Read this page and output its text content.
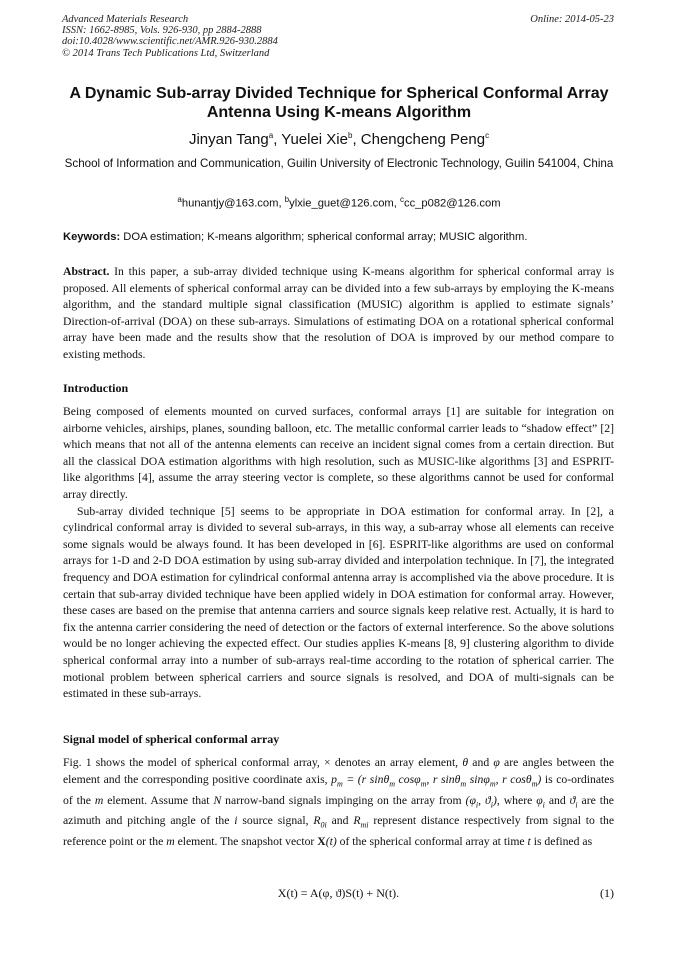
Advanced Materials Research
ISSN: 1662-8985, Vols. 926-930, pp 2884-2888
doi:10.4028/www.scientific.net/AMR.926-930.2884
© 2014 Trans Tech Publications Ltd, Switzerland
Online: 2014-05-23
A Dynamic Sub-array Divided Technique for Spherical Conformal Array Antenna Using K-means Algorithm
Jinyan Tang$^a$, Yuelei Xie$^b$, Chengcheng Peng$^c$
School of Information and Communication, Guilin University of Electronic Technology, Guilin 541004, China
$^a$hunantjy@163.com, $^b$ylxie_guet@126.com, $^c$cc_p082@126.com
Keywords: DOA estimation; K-means algorithm; spherical conformal array; MUSIC algorithm.

Abstract. In this paper, a sub-array divided technique using K-means algorithm for spherical conformal array is proposed. All elements of spherical conformal array can be divided into a few sub-arrays by employing the K-means algorithm, and the standard multiple signal classification (MUSIC) algorithm is applied to estimate signals’ Direction-of-arrival (DOA) on these sub-arrays. Simulations of estimating DOA on a rotational spherical conformal array have been made and the results show that the resolution of DOA is improved by our method compare to existing methods.

Introduction

Being composed of elements mounted on curved surfaces, conformal arrays [1] are suitable for integration on airborne vehicles, airships, planes, sounding balloon, etc. The metallic conformal carrier leads to “shadow effect” [2] which means that not all of the antenna elements can receive an incident signal comes from a certain direction. But all the classical DOA estimation algorithms with high resolution, such as MUSIC-like algorithms [3] and ESPRIT-like algorithms [4], assume the array steering vector is complete, so these algorithms cannot be used for conformal array directly.

Sub-array divided technique [5] seems to be appropriate in DOA estimation for conformal array. In [2], a cylindrical conformal array is divided to several sub-arrays, in this way, a sub-array whose all elements can receive some signals would be always found. It has been developed in [6]. ESPRIT-like algorithms are used on conformal arrays for 1-D and 2-D DOA estimation by using sub-array divided and interpolation technique. In [7], the integrated frequency and DOA estimation for cylindrical conformal antenna array is accomplished via the above procedure. It is certain that sub-array divided technique have been applied widely in DOA estimation for conformal array. However, these cases are based on the premise that antenna carriers and source signals keep relative rest. Actually, it is hard to fix the antenna carrier considering the need of detection or the factors of external interference. So the above solutions would be no longer achieving the expected effect. Our studies applies K-means [8, 9] clustering algorithm to divide spherical conformal array into a number of sub-arrays real-time according to the rotation of spherical carrier. The motional problem between spherical carriers and source signals is resolved, and DOA of multi-signals can be estimated in these sub-arrays.

Signal model of spherical conformal array

Fig. 1 shows the model of spherical conformal array, × denotes an array element, θ and φ are angles between the element and the corresponding positive coordinate axis, $p_m = (r$ sinθ$_m$ cosφ$_m$, r sinθ$_m$ sinφ$_m$, r cosθ$_m$) is co-ordinates of the m element. Assume that N narrow-band signals impinging on the array from ($\varphi_i$, $ϑ_i$), where $\varphi_i$ and $ϑ_i$ are the azimuth and pitching angle of the i source signal, $R_{0i}$ and $R_{mi}$ represent distance respectively from signal to the reference point or the m element. The snapshot vector X(t) of the spherical conformal array at time t is defined as

X(t) = A(φ, ϑ)S(t) + N(t).	(1)
